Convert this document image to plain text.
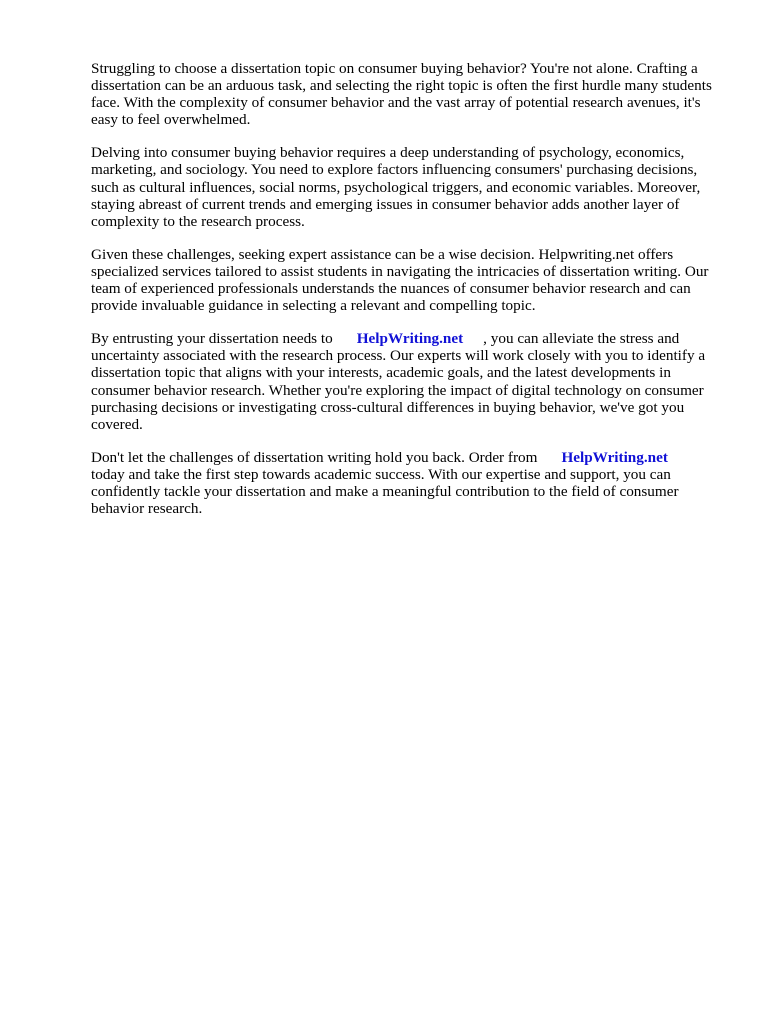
Struggling to choose a dissertation topic on consumer buying behavior? You're not alone. Crafting a dissertation can be an arduous task, and selecting the right topic is often the first hurdle many students face. With the complexity of consumer behavior and the vast array of potential research avenues, it's easy to feel overwhelmed.

Delving into consumer buying behavior requires a deep understanding of psychology, economics, marketing, and sociology. You need to explore factors influencing consumers' purchasing decisions, such as cultural influences, social norms, psychological triggers, and economic variables. Moreover, staying abreast of current trends and emerging issues in consumer behavior adds another layer of complexity to the research process.

Given these challenges, seeking expert assistance can be a wise decision. Helpwriting.net offers specialized services tailored to assist students in navigating the intricacies of dissertation writing. Our team of experienced professionals understands the nuances of consumer behavior research and can provide invaluable guidance in selecting a relevant and compelling topic.

By entrusting your dissertation needs to HelpWriting.net , you can alleviate the stress and uncertainty associated with the research process. Our experts will work closely with you to identify a dissertation topic that aligns with your interests, academic goals, and the latest developments in consumer behavior research. Whether you're exploring the impact of digital technology on consumer purchasing decisions or investigating cross-cultural differences in buying behavior, we've got you covered.

Don't let the challenges of dissertation writing hold you back. Order from HelpWriting.net
today and take the first step towards academic success. With our expertise and support, you can confidently tackle your dissertation and make a meaningful contribution to the field of consumer behavior research.
